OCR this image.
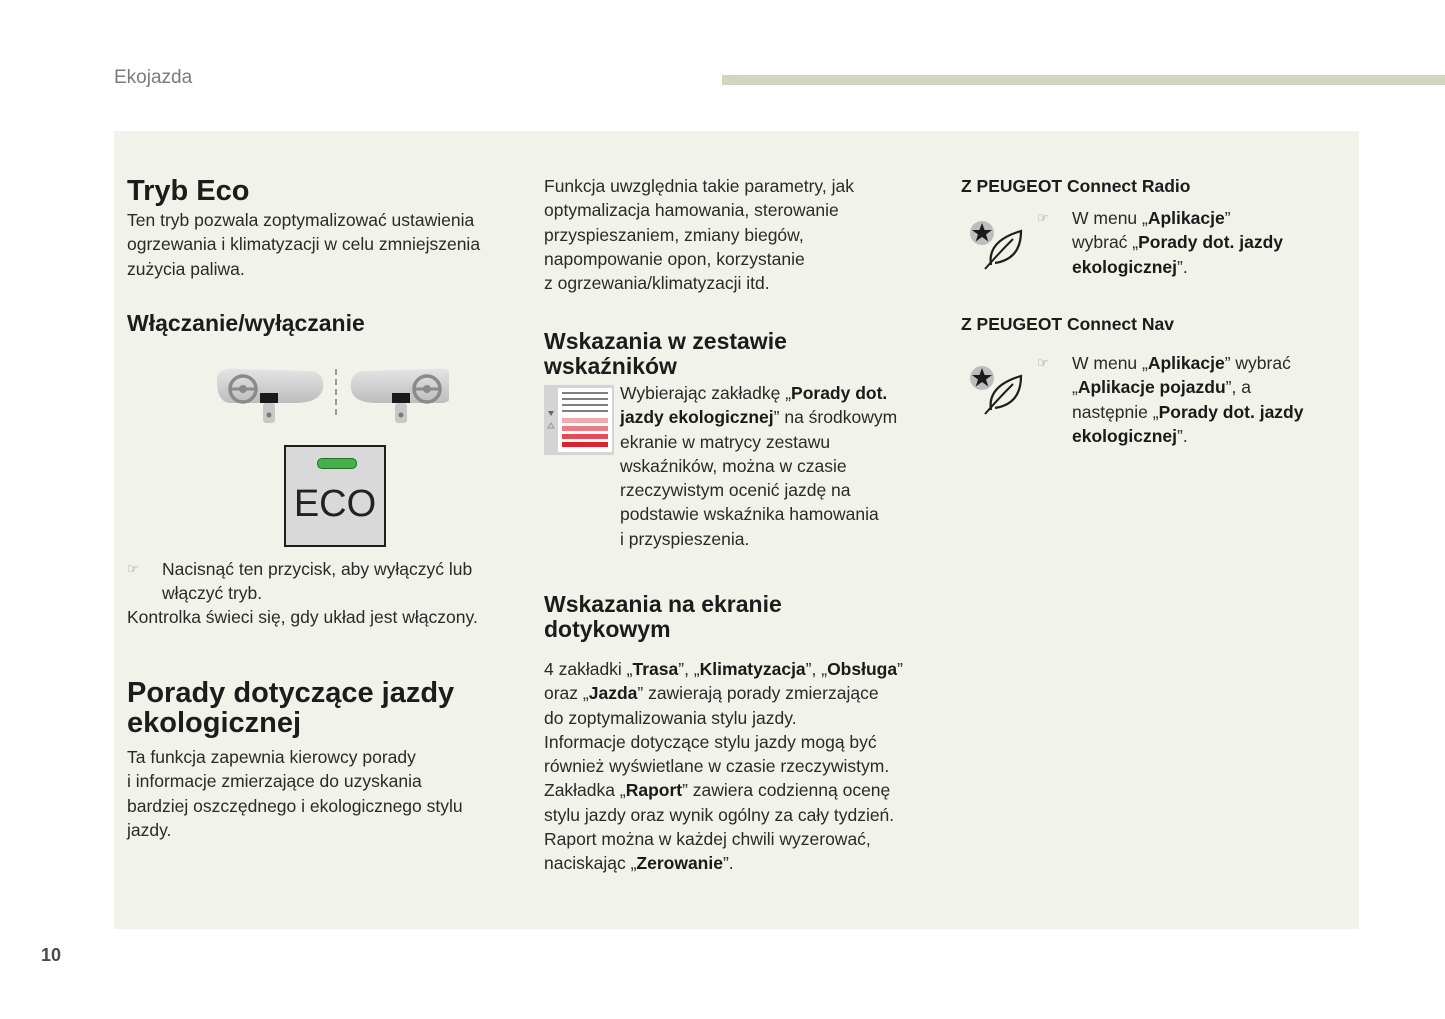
Ekojazda
Tryb Eco

Ten tryb pozwala zoptymalizować ustawienia

ogrzewania i klimatyzacji w celu zmniejszenia

zużycia paliwa.

Włączanie/wyłączanie
ECO
☞ Nacisnąć ten przycisk, aby wyłączyć lub

włączyć tryb.

Kontrolka świeci się, gdy układ jest włączony.

Porady dotyczące jazdy
ekologicznej

Ta funkcja zapewnia kierowcy porady

i informacje zmierzające do uzyskania

bardziej oszczędnego i ekologicznego stylu

jazdy.

Funkcja uwzględnia takie parametry, jak

optymalizacja hamowania, sterowanie

przyspieszaniem, zmiany biegów,

napompowanie opon, korzystanie

z ogrzewania/klimatyzacji itd.

Wskazania w zestawie
wskaźników

Wybierając zakładkę „Porady dot.

jazdy ekologicznej” na środkowym

ekranie w matrycy zestawu

wskaźników, można w czasie

rzeczywistym ocenić jazdę na

podstawie wskaźnika hamowania

i przyspieszenia.

Wskazania na ekranie
dotykowym

4 zakładki „Trasa”, „Klimatyzacja”, „Obsługa”

oraz „Jazda” zawierają porady zmierzające

do zoptymalizowania stylu jazdy.

Informacje dotyczące stylu jazdy mogą być

również wyświetlane w czasie rzeczywistym.

Zakładka „Raport” zawiera codzienną ocenę

stylu jazdy oraz wynik ogólny za cały tydzień.

Raport można w każdej chwili wyzerować,

naciskając „Zerowanie”.

Z PEUGEOT Connect Radio
☞ W menu „Aplikacje”

wybrać „Porady dot. jazdy

ekologicznej”.

Z PEUGEOT Connect Nav
☞ W menu „Aplikacje” wybrać

„Aplikacje pojazdu”, a

następnie „Porady dot. jazdy

ekologicznej”.

10
